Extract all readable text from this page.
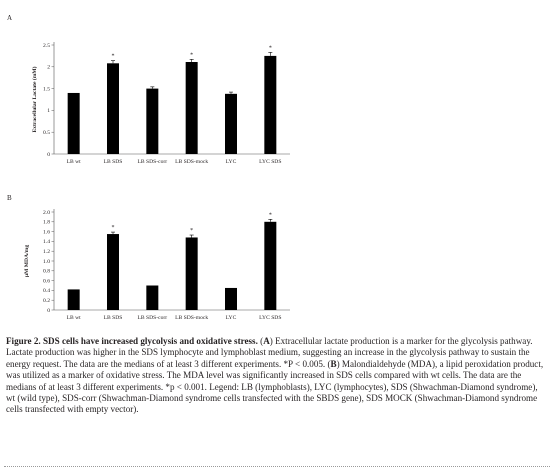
A
Extracellular Lactate (mM)
0
0.5
1
1.5
2
2.5
LB wt
*
LB SDS	LB SDS-corr
*
LB SDS-mock	LYC
*
LYC SDS
B
µM MDA/mg
0
0.2
0.4
0.6
0.8
1.0
1.2
1.4
1.6
1.8
2.0
LB wt
*
LB SDS	LB SDS-corr
*
LB SDS-mock	LYC
*
LYC SDS
Figure 2. SDS cells have increased glycolysis and oxidative stress. (A) Extracellular lactate production is a marker for the glycolysis pathway. Lactate production was higher in the SDS lymphocyte and lymphoblast medium, suggesting an increase in the glycolysis pathway to sustain the energy request. The data are the medians of at least 3 different experiments. *P < 0.005. (B) Malondialdehyde (MDA), a lipid peroxidation product, was utilized as a marker of oxidative stress. The MDA level was significantly increased in SDS cells compared with wt cells. The data are the medians of at least 3 different experiments. *p < 0.001. Legend: LB (lymphoblasts), LYC (lymphocytes), SDS (Shwachman-Diamond syndrome), wt (wild type), SDS-corr (Shwachman-Diamond syndrome cells transfected with the SBDS gene), SDS MOCK (Shwachman-Diamond syndrome cells transfected with empty vector).
